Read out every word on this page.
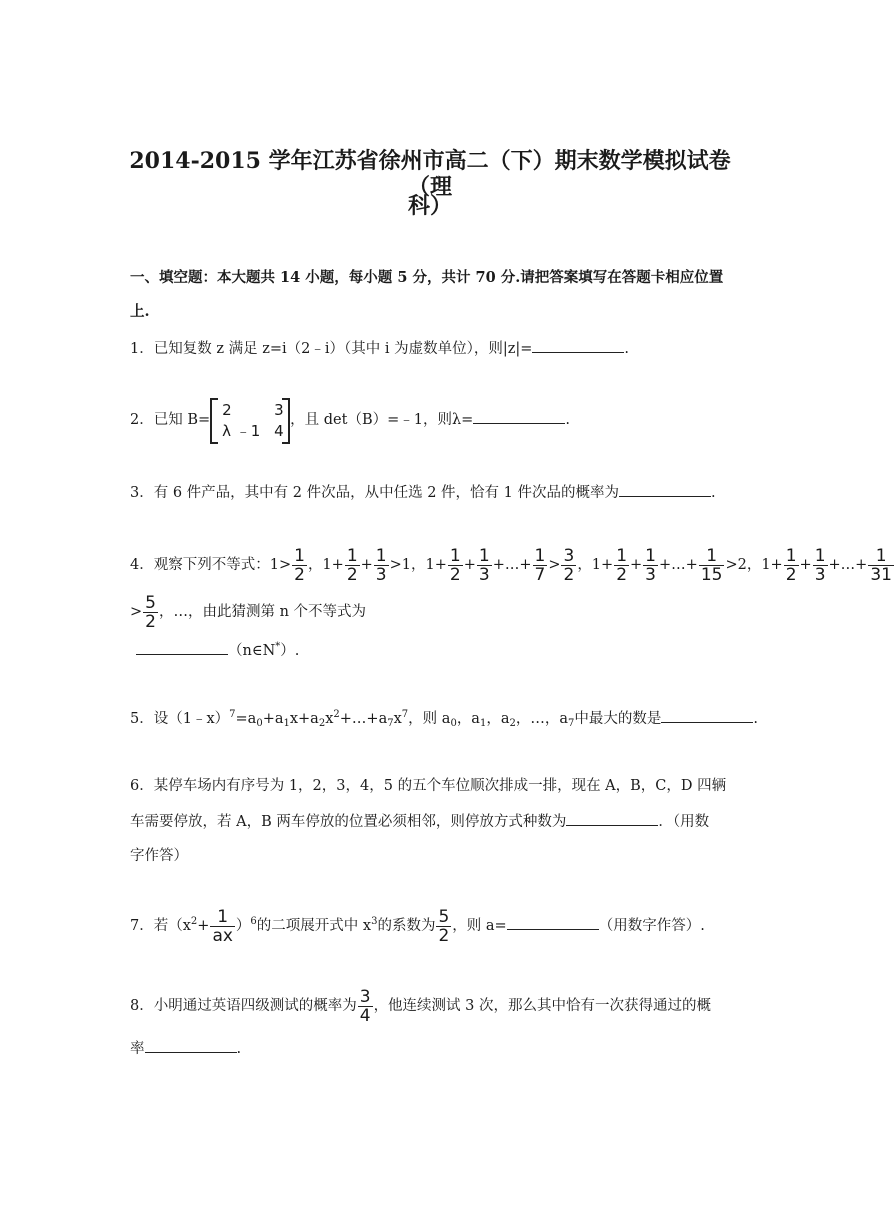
2014-2015 学年江苏省徐州市高二（下）期末数学模拟试卷（理
科）
一、填空题：本大题共 14 小题，每小题 5 分，共计 70 分.请把答案填写在答题卡相应位置
上.
1．已知复数 z 满足 z=i（2﹣i）（其中 i 为虚数单位），则|z|=	.
2．已知 B=
2	3
λ ﹣1 4
，且 det（B）=﹣1，则λ=	.
3．有 6 件产品，其中有 2 件次品，从中任选 2 件，恰有 1 件次品的概率为	.
4．观察下列不等式：$1> \frac{1}{2}$ ，$1+ \frac{1}{2} + \frac{1}{3} >1$，$1+ \frac{1}{2} + \frac{1}{3}$ +…+ $\frac{1}{7} > \frac{3}{2}$ ，$1+ \frac{1}{2} + \frac{1}{3}$ +…+ $\frac{1}{15} >2$，$1+ \frac{1}{2} + \frac{1}{3}$ +…+ $\frac{1}{31}$
> $\frac{5}{2}$ ，…，由此猜测第 n 个不等式为
（n∈N*）.
5．设$(1﹣x)^7=a_0+a_1x+a_2x^2+\dots+a_7x^7$，则 $a_0$，$a_1$，$a_2$，…，$a_7$中最大的数是	.
6．某停车场内有序号为 1，2，3，4，5 的五个车位顺次排成一排，现在 A，B，C，D 四辆
车需要停放，若 A，B 两车停放的位置必须相邻，则停放方式种数为	．（用数
字作答）
7．若$(x^2+ \frac{1}{ax} )^6$的二项展开式中 $x^3$的系数为 $\frac{5}{2}$ ，则 a=	（用数字作答）.
8．小明通过英语四级测试的概率为 $\frac{3}{4}$ ，他连续测试 3 次，那么其中恰有一次获得通过的概
率	.
